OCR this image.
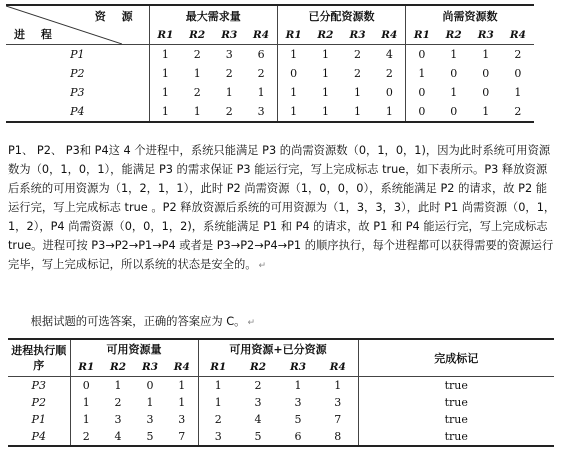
资 源
进 程	最大需求量				已分配资源数				尚需资源数			
	R1	R2	R3	R4	R1	R2	R3	R4	R1	R2	R3	R4
P1	1	2	3	6	1	1	2	4	0	1	1	2
P2	1	1	2	2	0	1	2	2	1	0	0	0
P3	1	2	1	1	1	1	1	0	0	1	0	1
P4	1	1	2	3	1	1	1	1	0	0	1	2

P1、 P2、 P3和 P4这 4 个进程中，系统只能满足 P3 的尚需资源数（0，1，0，1)，因为此时系统可用资源数为（0，1，0，1），能满足 P3 的需求保证 P3 能运行完，写上完成标志 true，如下表所示。P3 释放资源后系统的可用资源为（1，2，1，1），此时 P2 尚需资源（1，0，0，0），系统能满足 P2 的请求，故 P2 能运行完，写上完成标志 true 。P2 释放资源后系统的可用资源为（1，3，3，3），此时 P1 尚需资源（0，1，1，2），P4 尚需资源（0，0，1，2)，系统能满足 P1 和 P4 的请求，故 P1 和 P4 能运行完，写上完成标志 true。进程可按 P3→P2→P1→P4 或者是 P3→P2→P4→P1 的顺序执行，每个进程都可以获得需要的资源运行完毕，写上完成标记，所以系统的状态是安全的。 ↵

　　根据试题的可选答案，正确的答案应为 C。 ↵

进程执行顺序	可用资源量				可用资源+已分资源				完成标记
	R1	R2	R3	R4	R1	R2	R3	R4	
P3	0	1	0	1	1	2	1	1	true
P2	1	2	1	1	1	3	3	3	true
P1	1	3	3	3	2	4	5	7	true
P4	2	4	5	7	3	5	6	8	true
